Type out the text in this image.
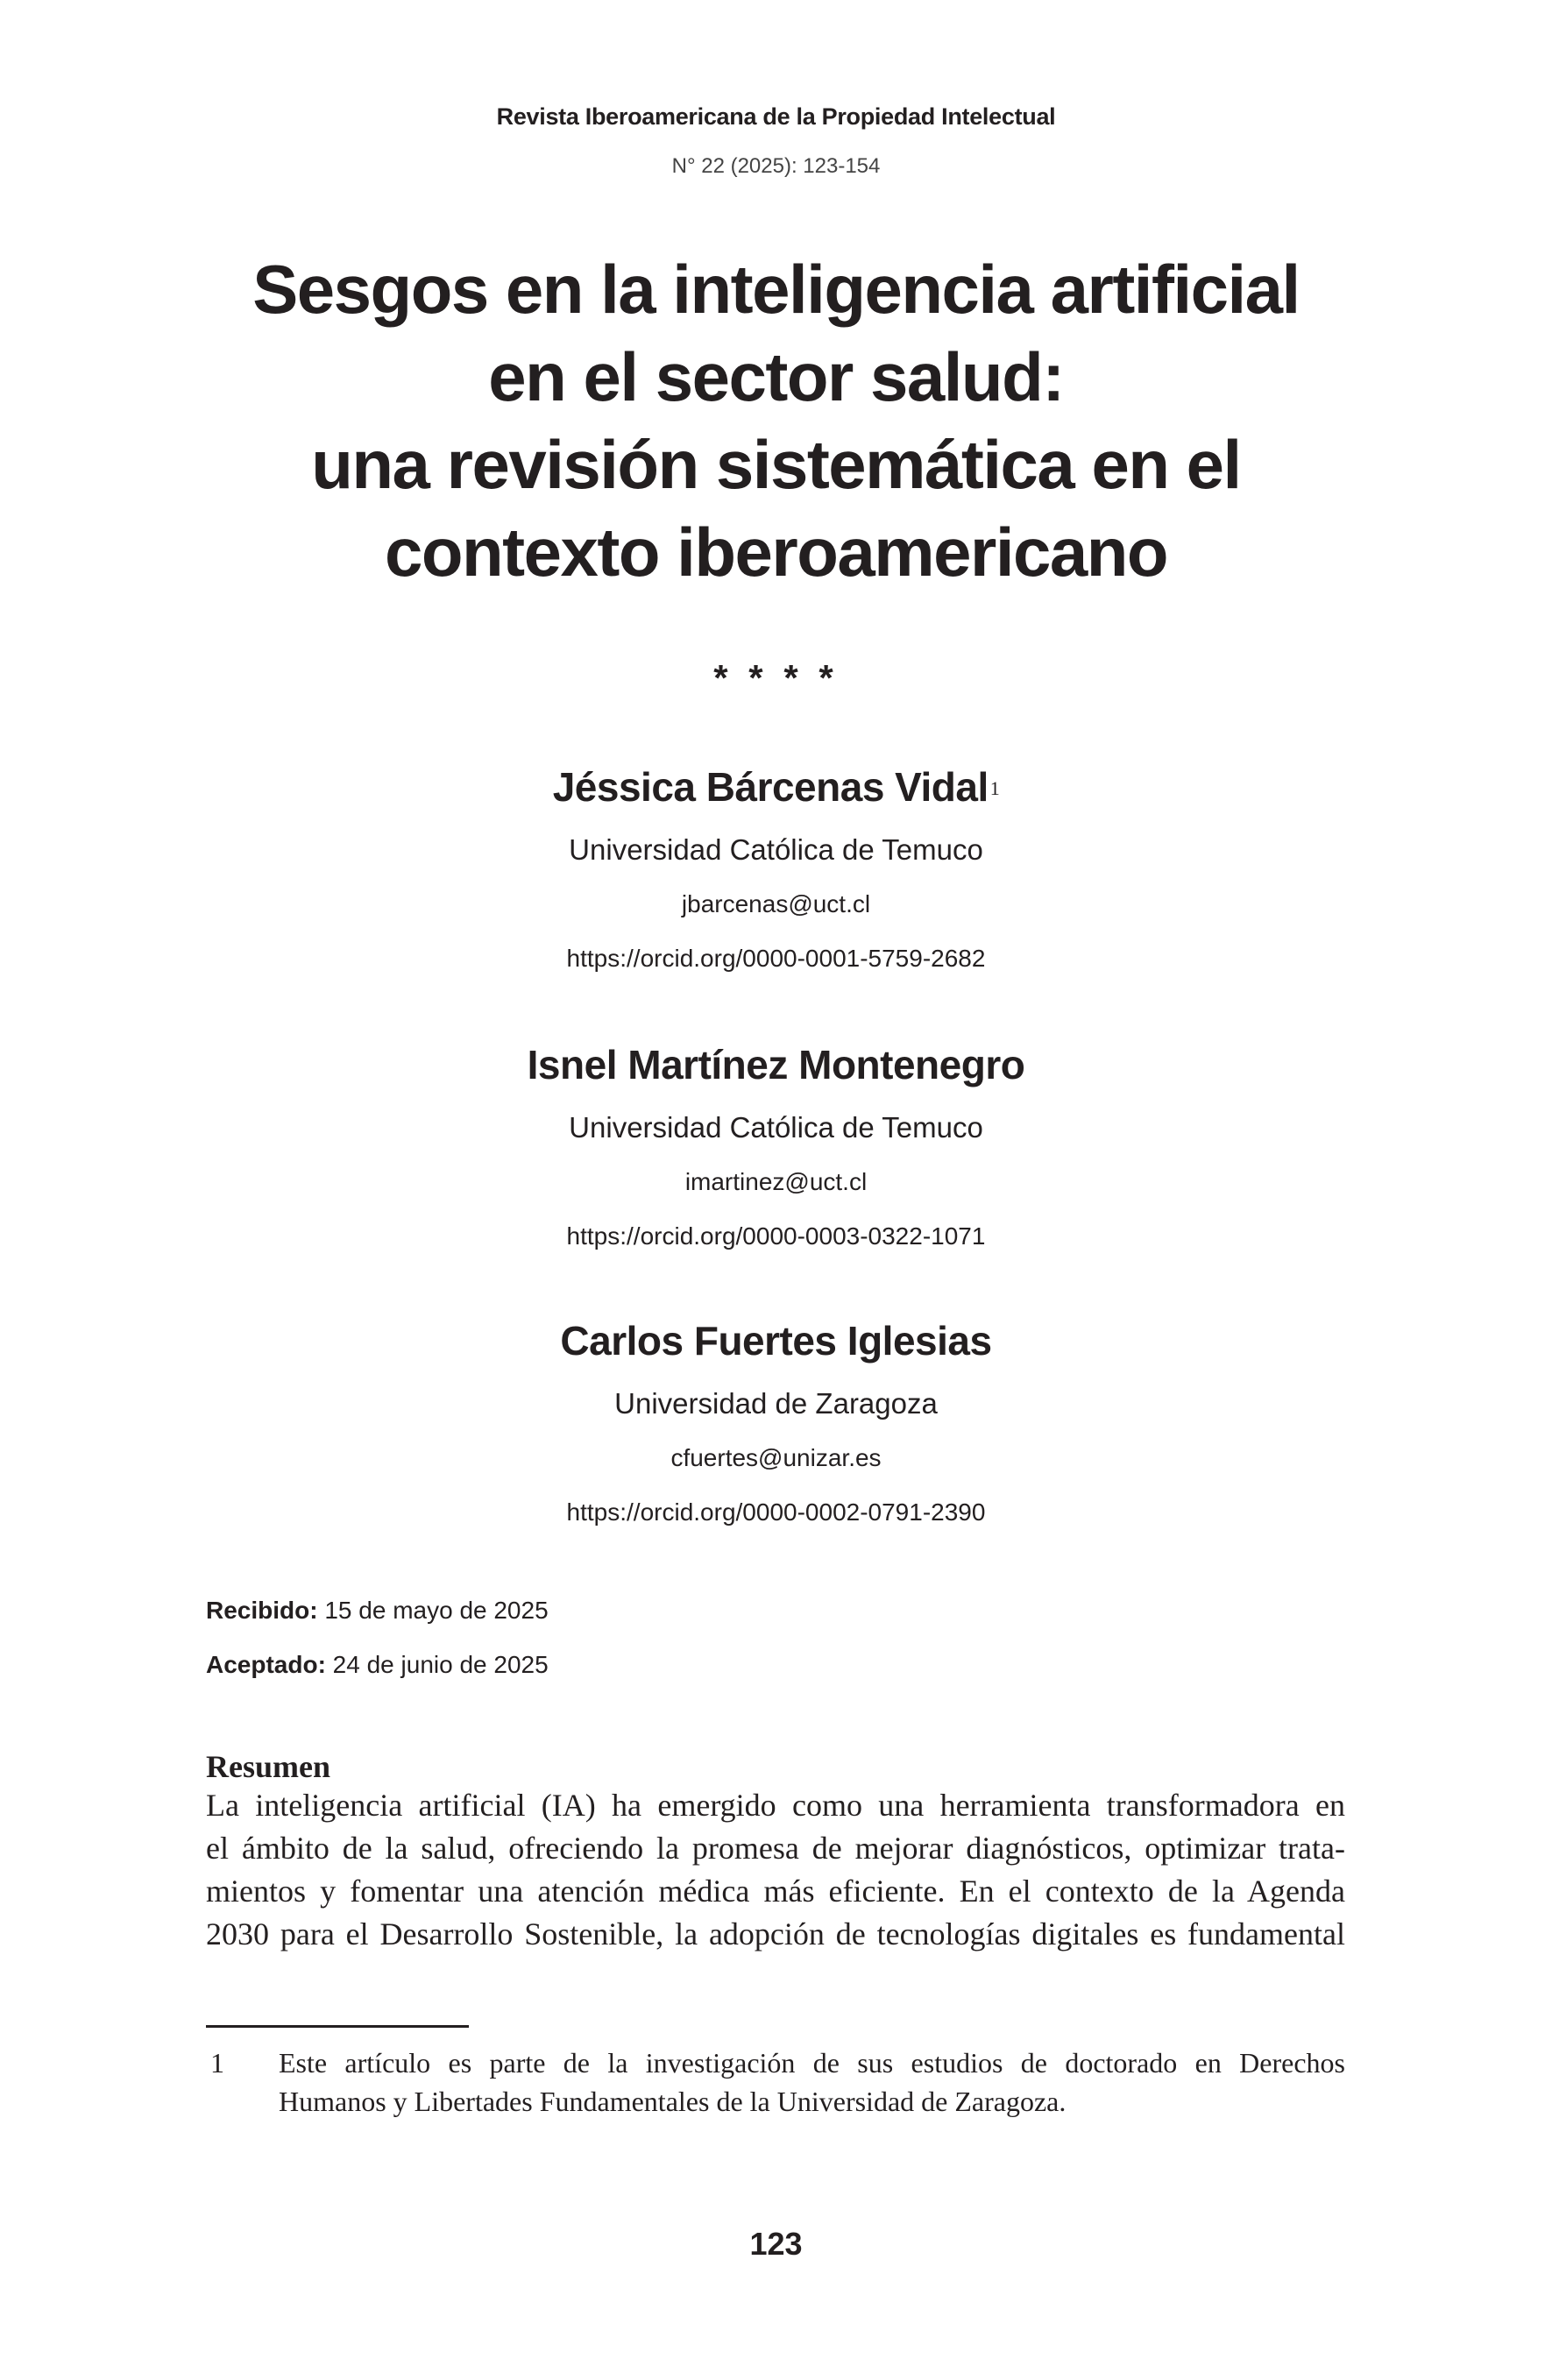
Revista Iberoamericana de la Propiedad Intelectual
N° 22 (2025): 123-154
Sesgos en la inteligencia artificial
en el sector salud:
una revisión sistemática en el
contexto iberoamericano
* * * *
Jéssica Bárcenas Vidal$^1$
Universidad Católica de Temuco
jbarcenas@uct.cl
https://orcid.org/0000-0001-5759-2682
Isnel Martínez Montenegro
Universidad Católica de Temuco
imartinez@uct.cl
https://orcid.org/0000-0003-0322-1071
Carlos Fuertes Iglesias
Universidad de Zaragoza
cfuertes@unizar.es
https://orcid.org/0000-0002-0791-2390
Recibido: 15 de mayo de 2025
Aceptado: 24 de junio de 2025
Resumen

La inteligencia artificial (IA) ha emergido como una herramienta transformadora en
el ámbito de la salud, ofreciendo la promesa de mejorar diagnósticos, optimizar trata-
mientos y fomentar una atención médica más eficiente. En el contexto de la Agenda
2030 para el Desarrollo Sostenible, la adopción de tecnologías digitales es fundamental

1 Este artículo es parte de la investigación de sus estudios de doctorado en Derechos
Humanos y Libertades Fundamentales de la Universidad de Zaragoza.
123
